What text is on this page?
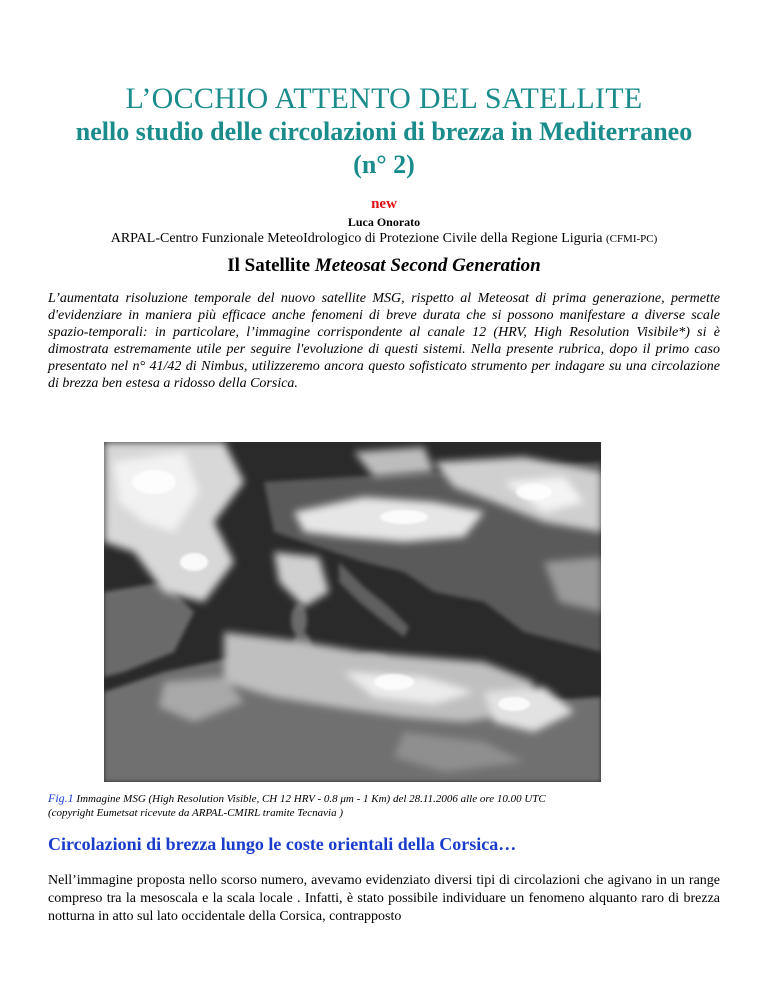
L’OCCHIO ATTENTO DEL SATELLITE
nello studio delle circolazioni di brezza in Mediterraneo
(n° 2)
new
Luca Onorato
ARPAL-Centro Funzionale MeteoIdrologico di Protezione Civile della Regione Liguria (CFMI-PC)
Il Satellite Meteosat Second Generation
L’aumentata risoluzione temporale del nuovo satellite MSG, rispetto al Meteosat di prima generazione, permette d'evidenziare in maniera più efficace anche fenomeni di breve durata che si possono manifestare a diverse scale spazio-temporali: in particolare, l’immagine corrispondente al canale 12 (HRV, High Resolution Visibile*) si è dimostrata estremamente utile per seguire l'evoluzione di questi sistemi. Nella presente rubrica, dopo il primo caso presentato nel n° 41/42 di Nimbus, utilizzeremo ancora questo sofisticato strumento per indagare su una circolazione di brezza ben estesa a ridosso della Corsica.
Fig.1 Immagine MSG (High Resolution Visible, CH 12 HRV - 0.8 μm - 1 Km) del 28.11.2006 alle ore 10.00 UTC
(copyright Eumetsat ricevute da ARPAL-CMIRL tramite Tecnavia )
Circolazioni di brezza lungo le coste orientali della Corsica…
Nell’immagine proposta nello scorso numero, avevamo evidenziato diversi tipi di circolazioni che agivano in un range compreso tra la mesoscala e la scala locale . Infatti, è stato possibile individuare un fenomeno alquanto raro di brezza notturna in atto sul lato occidentale della Corsica, contrapposto
